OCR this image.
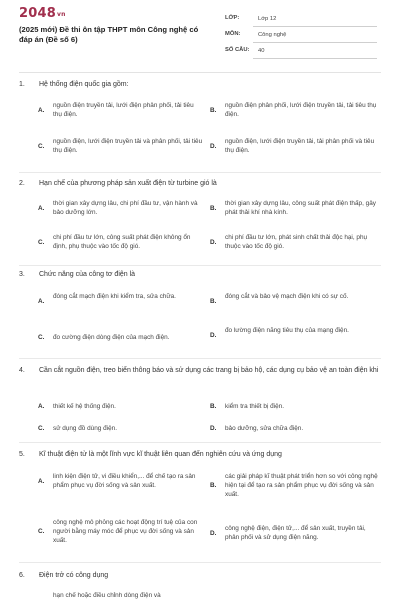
2048vn
(2025 mới) Đề thi ôn tập THPT môn Công nghệ có đáp án (Đề số 6)
LỚP:	Lớp 12
MÔN:	Công nghệ
SỐ CÂU:	40
1. Hệ thống điện quốc gia gồm:
A.
nguồn điện truyền tải, lưới điện phân phối, tải tiêu thụ điện.
B.
nguồn điện phân phối, lưới điện truyền tải, tải tiêu thụ điện.
C.
nguồn điện, lưới điện truyền tải và phân phối, tải tiêu thụ điện.
D.
nguồn điện, lưới điện truyền tải, tải phân phối và tiêu thụ điện.
2. Hạn chế của phương pháp sản xuất điện từ turbine gió là
A.
thời gian xây dựng lâu, chi phí đầu tư, vận hành và bảo dưỡng lớn.
B.
thời gian xây dựng lâu, công suất phát điện thấp, gây phát thải khí nhà kính.
C.
chi phí đầu tư lớn, công suất phát điện không ổn định, phụ thuộc vào tốc độ gió.
D.
chi phí đầu tư lớn, phát sinh chất thải độc hại, phụ thuộc vào tốc độ gió.
3. Chức năng của công tơ điện là
A.
đóng cắt mạch điện khi kiểm tra, sửa chữa.
B.
đóng cắt và bảo vệ mạch điện khi có sự cố.
C. đo cường điện dòng điện của mạch điện.	D.
đo lường điện năng tiêu thụ của mạng điện.
4. Cần cắt nguồn điện, treo biển thông báo và sử dụng các trang bị bảo hộ, các dụng cụ bảo vệ an toàn điện khi
A. thiết kế hệ thống điện.	B. kiểm tra thiết bị điện.
C. sử dụng đồ dùng điện.	D. bảo dưỡng, sửa chữa điện.
5. Kĩ thuật điện tử là một lĩnh vực kĩ thuật liên quan đến nghiên cứu và ứng dụng
A.
linh kiện điện tử, vi điều khiển,... để chế tạo ra sản phẩm phục vụ đời sống và sản xuất.	B.
các giải pháp kĩ thuật phát triển hơn so với công nghệ hiện tại để tạo ra sản phẩm phục vụ đời sống và sản xuất.
C.
công nghệ mô phỏng các hoạt động trí tuệ của con người bằng máy móc để phục vụ đời sống và sản xuất.
D.
công nghệ điện, điện tử,... để sản xuất, truyền tải, phân phối và sử dụng điện năng.
6. Điện trở có công dụng
hạn chế hoặc điều chỉnh dòng điện và
